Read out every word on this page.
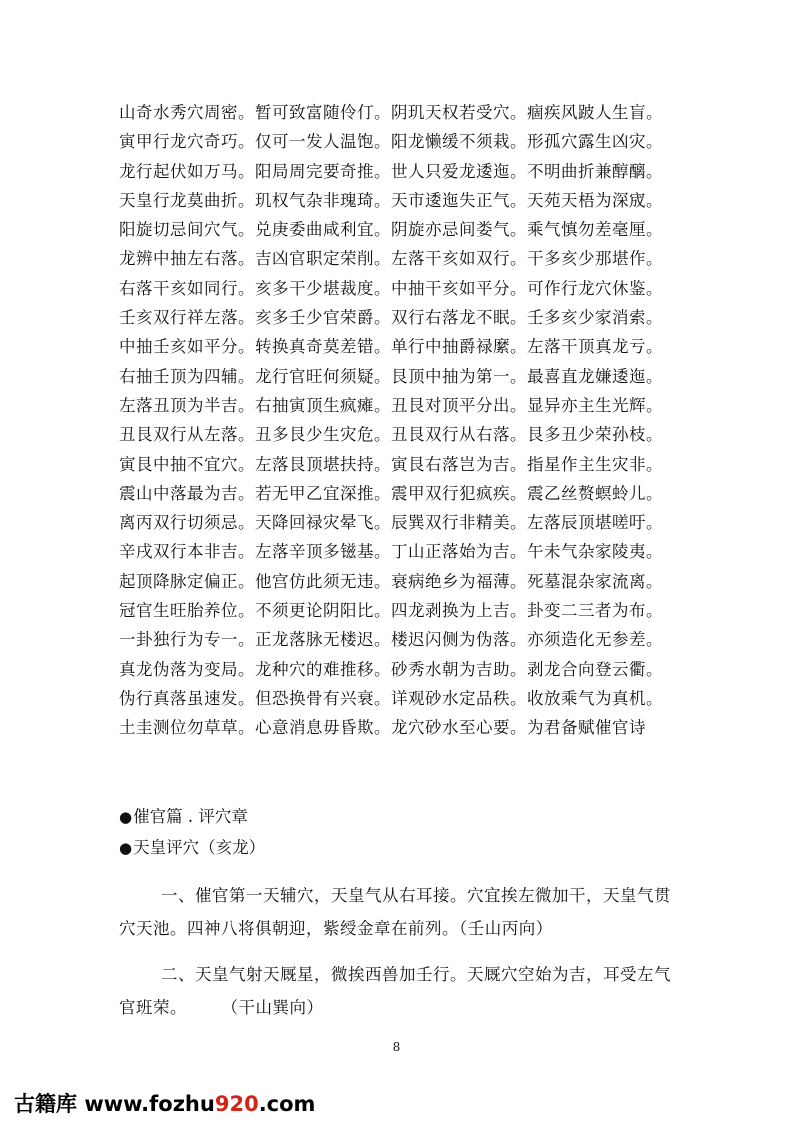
山奇水秀穴周密。暂可致富随伶仃。阴玑天权若受穴。痼疾风跛人生盲。
寅甲行龙穴奇巧。仅可一发人温饱。阳龙懒缓不须栽。形孤穴露生凶灾。
龙行起伏如万马。阳局周完要奇推。世人只爱龙逶迤。不明曲折兼醇醨。
天皇行龙莫曲折。玑权气杂非瑰琦。天市逶迤失正气。天苑天梧为深宬。
阳旋切忌间穴气。兑庚委曲咸利宜。阴旋亦忌间娄气。乘气慎勿差毫厘。
龙辨中抽左右落。吉凶官职定荣削。左落干亥如双行。干多亥少那堪作。
右落干亥如同行。亥多干少堪裁度。中抽干亥如平分。可作行龙穴休鉴。
壬亥双行祥左落。亥多壬少官荣爵。双行右落龙不眠。壬多亥少家消索。
中抽壬亥如平分。转换真奇莫差错。单行中抽爵禄縻。左落干顶真龙亏。
右抽壬顶为四辅。龙行官旺何须疑。艮顶中抽为第一。最喜直龙嫌逶迤。
左落丑顶为半吉。右抽寅顶生疯瘫。丑艮对顶平分出。显异亦主生光辉。
丑艮双行从左落。丑多艮少生灾危。丑艮双行从右落。艮多丑少荣孙枝。
寅艮中抽不宜穴。左落艮顶堪扶持。寅艮右落岂为吉。指星作主生灾非。
震山中落最为吉。若无甲乙宜深推。震甲双行犯疯疾。震乙丝赘螟蛉儿。
离丙双行切须忌。天降回禄灾晕飞。辰巽双行非精美。左落辰顶堪嗟吁。
辛戌双行本非吉。左落辛顶多镃基。丁山正落始为吉。午未气杂家陵夷。
起顶降脉定偏正。他宫仿此须无违。衰病绝乡为福薄。死墓混杂家流离。
冠官生旺胎养位。不须更论阴阳比。四龙剥换为上吉。卦变二三者为布。
一卦独行为专一。正龙落脉无楼迟。楼迟闪侧为伪落。亦须造化无参差。
真龙伪落为变局。龙种穴的难推移。砂秀水朝为吉助。剥龙合向登云衢。
伪行真落虽速发。但恐换骨有兴衰。详观砂水定品秩。收放乘气为真机。
土圭测位勿草草。心意消息毋昏欺。龙穴砂水至心要。为君备赋催官诗
●催官篇 . 评穴章
●天皇评穴（亥龙）
一、催官第一天辅穴，天皇气从右耳接。穴宜挨左微加干，天皇气贯穴天池。四神八将俱朝迎，紫绶金章在前列。（壬山丙向）
二、天皇气射天厩星，微挨西兽加壬行。天厩穴空始为吉，耳受左气官班荣。　　　（干山巽向）
8
古籍库 www.fozhu920.com
